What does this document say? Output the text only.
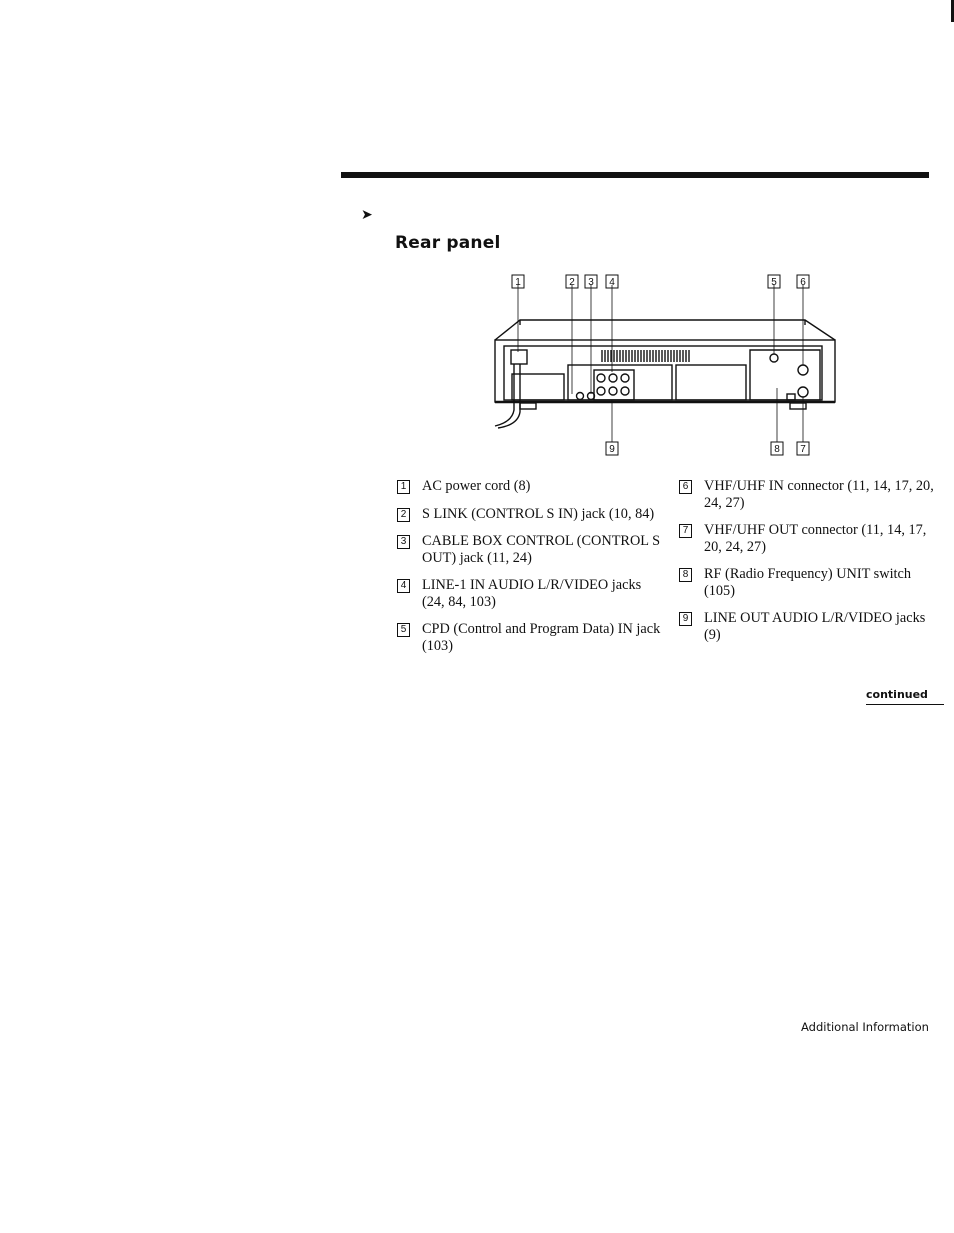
➤
Rear panel
1	2 3 4	5 6
9	8 7
1 AC power cord (8)
2 S LINK (CONTROL S IN) jack (10, 84)
3 CABLE BOX CONTROL (CONTROL S OUT) jack (11, 24)
4 LINE-1 IN AUDIO L/R/VIDEO jacks (24, 84, 103)
5 CPD (Control and Program Data) IN jack (103)
6 VHF/UHF IN connector (11, 14, 17, 20, 24, 27)
7 VHF/UHF OUT connector (11, 14, 17, 20, 24, 27)
8 RF (Radio Frequency) UNIT switch (105)
9 LINE OUT AUDIO L/R/VIDEO jacks (9)
continued
Additional Information
